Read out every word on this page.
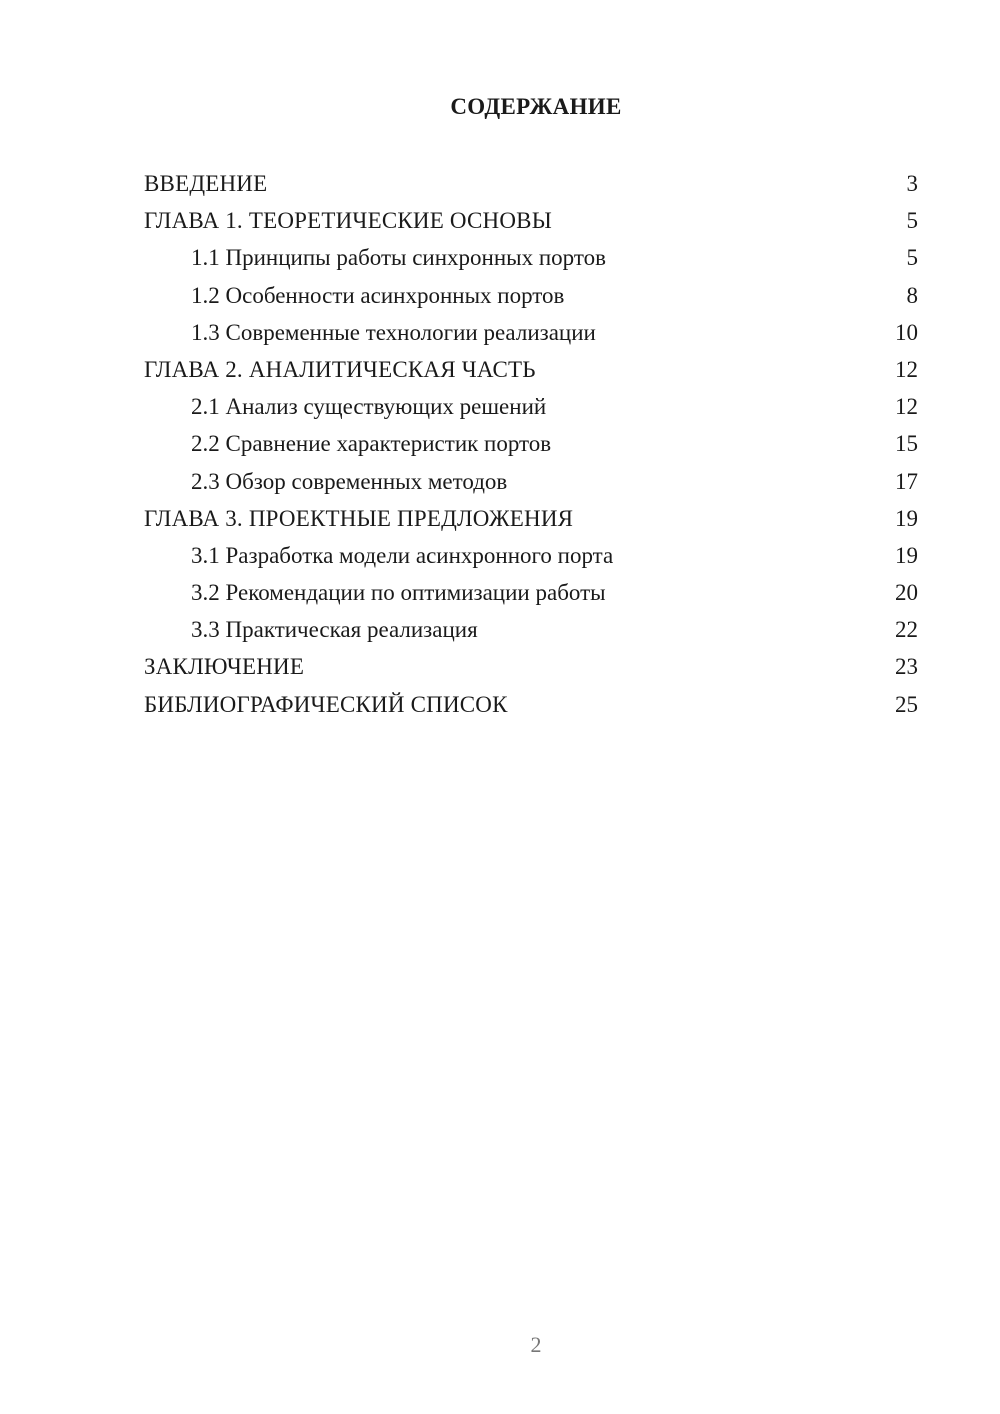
СОДЕРЖАНИЕ
ВВЕДЕНИЕ	3
ГЛАВА 1. ТЕОРЕТИЧЕСКИЕ ОСНОВЫ	5
1.1 Принципы работы синхронных портов	5
1.2 Особенности асинхронных портов	8
1.3 Современные технологии реализации	10
ГЛАВА 2. АНАЛИТИЧЕСКАЯ ЧАСТЬ	12
2.1 Анализ существующих решений	12
2.2 Сравнение характеристик портов	15
2.3 Обзор современных методов	17
ГЛАВА 3. ПРОЕКТНЫЕ ПРЕДЛОЖЕНИЯ	19
3.1 Разработка модели асинхронного порта	19
3.2 Рекомендации по оптимизации работы	20
3.3 Практическая реализация	22
ЗАКЛЮЧЕНИЕ	23
БИБЛИОГРАФИЧЕСКИЙ СПИСОК	25
2
